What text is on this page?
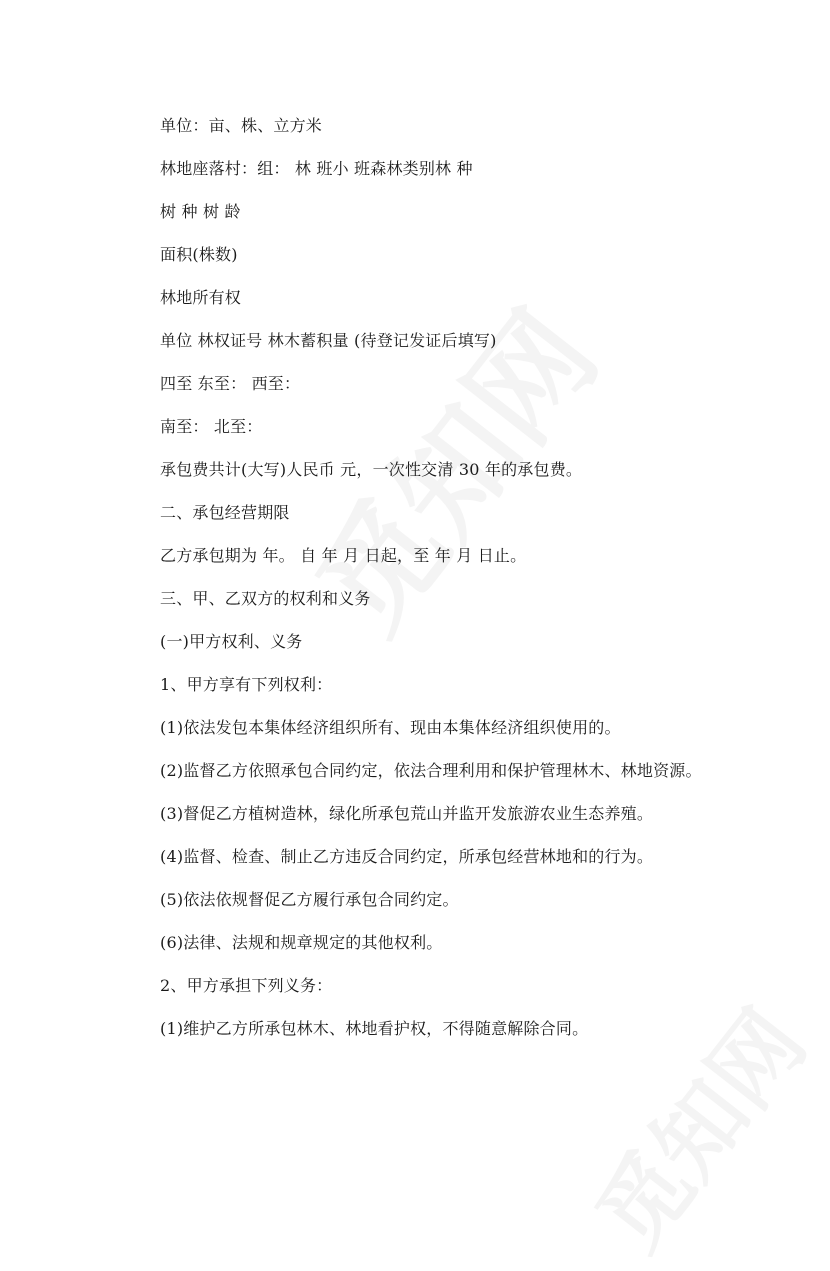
单位：亩、株、立方米
林地座落村：组： 林 班小 班森林类别林 种
树 种 树 龄
面积(株数)
林地所有权
单位 林权证号 林木蓄积量 (待登记发证后填写)
四至 东至： 西至：
南至： 北至：
承包费共计(大写)人民币 元，一次性交清 30 年的承包费。
二、承包经营期限
乙方承包期为 年。 自 年 月 日起，至 年 月 日止。
三、甲、乙双方的权利和义务
(一)甲方权利、义务
1、甲方享有下列权利：
(1)依法发包本集体经济组织所有、现由本集体经济组织使用的。
(2)监督乙方依照承包合同约定，依法合理利用和保护管理林木、林地资源。
(3)督促乙方植树造林，绿化所承包荒山并监开发旅游农业生态养殖。
(4)监督、检查、制止乙方违反合同约定，所承包经营林地和的行为。
(5)依法依规督促乙方履行承包合同约定。
(6)法律、法规和规章规定的其他权利。
2、甲方承担下列义务：
(1)维护乙方所承包林木、林地看护权，不得随意解除合同。
